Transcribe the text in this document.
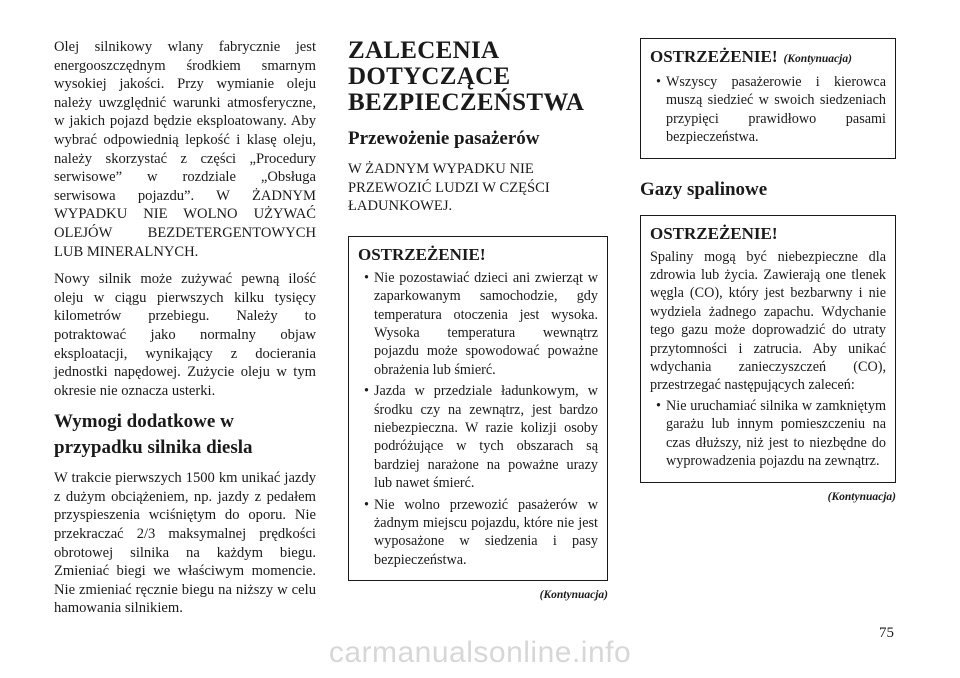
Olej silnikowy wlany fabrycznie jest energooszczędnym środkiem smarnym wysokiej jakości. Przy wymianie oleju należy uwzględnić warunki atmosferyczne, w jakich pojazd będzie eksploatowany. Aby wybrać odpowiednią lepkość i klasę oleju, należy skorzystać z części „Procedury serwisowe” w rozdziale „Obsługa serwisowa pojazdu”. W ŻADNYM WYPADKU NIE WOLNO UŻYWAĆ OLEJÓW BEZDETERGENTOWYCH LUB MINERALNYCH.

Nowy silnik może zużywać pewną ilość oleju w ciągu pierwszych kilku tysięcy kilometrów przebiegu. Należy to potraktować jako normalny objaw eksploatacji, wynikający z docierania jednostki napędowej. Zużycie oleju w tym okresie nie oznacza usterki.

Wymogi dodatkowe w
przypadku silnika diesla

W trakcie pierwszych 1500 km unikać jazdy z dużym obciążeniem, np. jazdy z pedałem przyspieszenia wciśniętym do oporu. Nie przekraczać 2/3 maksymalnej prędkości obrotowej silnika na każdym biegu. Zmieniać biegi we właściwym momencie. Nie zmieniać ręcznie biegu na niższy w celu hamowania silnikiem.

ZALECENIA
DOTYCZĄCE
BEZPIECZEŃSTWA
Przewożenie pasażerów

W ŻADNYM WYPADKU NIE PRZEWOZIĆ LUDZI W CZĘŚCI ŁADUNKOWEJ.

OSTRZEŻENIE!
• Nie pozostawiać dzieci ani zwierząt w zaparkowanym samochodzie, gdy temperatura otoczenia jest wysoka. Wysoka temperatura wewnątrz pojazdu może spowodować poważne obrażenia lub śmierć.
• Jazda w przedziale ładunkowym, w środku czy na zewnątrz, jest bardzo niebezpieczna. W razie kolizji osoby podróżujące w tych obszarach są bardziej narażone na poważne urazy lub nawet śmierć.
• Nie wolno przewozić pasażerów w żadnym miejscu pojazdu, które nie jest wyposażone w siedzenia i pasy bezpieczeństwa.
(Kontynuacja)
OSTRZEŻENIE! (Kontynuacja)
• Wszyscy pasażerowie i kierowca muszą siedzieć w swoich siedzeniach przypięci prawidłowo pasami bezpieczeństwa.
Gazy spalinowe
OSTRZEŻENIE!

Spaliny mogą być niebezpieczne dla zdrowia lub życia. Zawierają one tlenek węgla (CO), który jest bezbarwny i nie wydziela żadnego zapachu. Wdychanie tego gazu może doprowadzić do utraty przytomności i zatrucia. Aby unikać wdychania zanieczyszczeń (CO), przestrzegać następujących zaleceń:

• Nie uruchamiać silnika w zamkniętym garażu lub innym pomieszczeniu na czas dłuższy, niż jest to niezbędne do wyprowadzenia pojazdu na zewnątrz.
(Kontynuacja)
75
carmanualsonline.info
